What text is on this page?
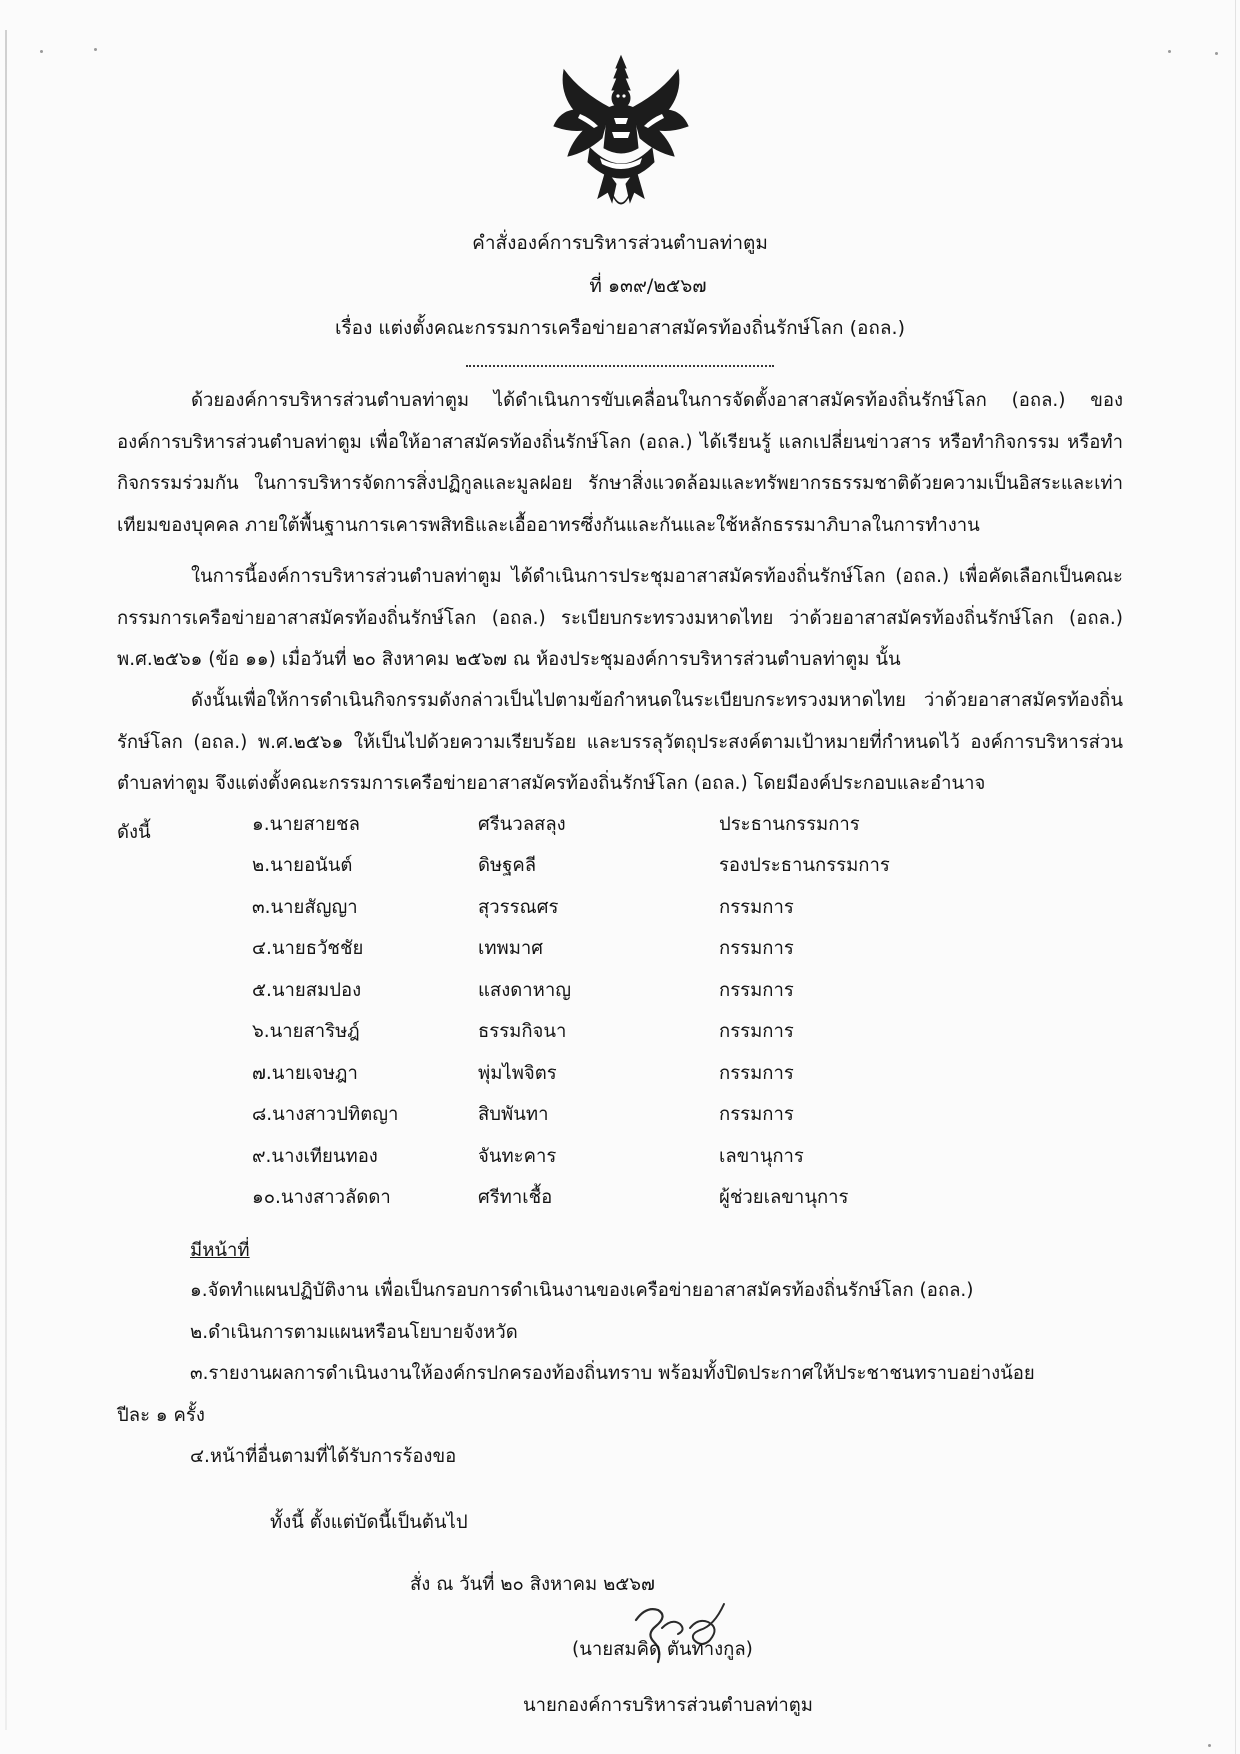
คำสั่งองค์การบริหารส่วนตำบลท่าตูม
ที่ ๑๓๙/๒๕๖๗
เรื่อง แต่งตั้งคณะกรรมการเครือข่ายอาสาสมัครท้องถิ่นรักษ์โลก (อถล.)

ด้วยองค์การบริหารส่วนตำบลท่าตูม ได้ดำเนินการขับเคลื่อนในการจัดตั้งอาสาสมัครท้องถิ่นรักษ์โลก (อถล.) ขององค์การบริหารส่วนตำบลท่าตูม เพื่อให้อาสาสมัครท้องถิ่นรักษ์โลก (อถล.) ได้เรียนรู้ แลกเปลี่ยนข่าวสาร หรือทำกิจกรรม หรือทำกิจกรรมร่วมกัน ในการบริหารจัดการสิ่งปฏิกูลและมูลฝอย รักษาสิ่งแวดล้อมและทรัพยากรธรรมชาติด้วยความเป็นอิสระและเท่าเทียมของบุคคล ภายใต้พื้นฐานการเคารพสิทธิและเอื้ออาทรซึ่งกันและกันและใช้หลักธรรมาภิบาลในการทำงาน

ในการนี้องค์การบริหารส่วนตำบลท่าตูม ได้ดำเนินการประชุมอาสาสมัครท้องถิ่นรักษ์โลก (อถล.) เพื่อคัดเลือกเป็นคณะกรรมการเครือข่ายอาสาสมัครท้องถิ่นรักษ์โลก (อถล.) ระเบียบกระทรวงมหาดไทย ว่าด้วยอาสาสมัครท้องถิ่นรักษ์โลก (อถล.) พ.ศ.๒๕๖๑ (ข้อ ๑๑) เมื่อวันที่ ๒๐ สิงหาคม ๒๕๖๗ ณ ห้องประชุมองค์การบริหารส่วนตำบลท่าตูม นั้น

ดังนั้นเพื่อให้การดำเนินกิจกรรมดังกล่าวเป็นไปตามข้อกำหนดในระเบียบกระทรวงมหาดไทย ว่าด้วยอาสาสมัครท้องถิ่นรักษ์โลก (อถล.) พ.ศ.๒๕๖๑ ให้เป็นไปด้วยความเรียบร้อย และบรรลุวัตถุประสงค์ตามเป้าหมายที่กำหนดไว้ องค์การบริหารส่วนตำบลท่าตูม จึงแต่งตั้งคณะกรรมการเครือข่ายอาสาสมัครท้องถิ่นรักษ์โลก (อถล.) โดยมีองค์ประกอบและอำนาจ

ดังนี้	๑.นายสายชล	ศรีนวลสลุง	ประธานกรรมการ
๒.นายอนันต์	ดิษฐคลี	รองประธานกรรมการ
๓.นายสัญญา	สุวรรณศร	กรรมการ
๔.นายธวัชชัย	เทพมาศ	กรรมการ
๕.นายสมปอง	แสงดาหาญ	กรรมการ
๖.นายสาริษฎ์	ธรรมกิจนา	กรรมการ
๗.นายเจษฎา	พุ่มไพจิตร	กรรมการ
๘.นางสาวปทิตญา	สิบพันทา	กรรมการ
๙.นางเทียนทอง	จันทะคาร	เลขานุการ
๑๐.นางสาวลัดดา	ศรีทาเชื้อ	ผู้ช่วยเลขานุการ
มีหน้าที่
๑.จัดทำแผนปฏิบัติงาน เพื่อเป็นกรอบการดำเนินงานของเครือข่ายอาสาสมัครท้องถิ่นรักษ์โลก (อถล.)
๒.ดำเนินการตามแผนหรือนโยบายจังหวัด
๓.รายงานผลการดำเนินงานให้องค์กรปกครองท้องถิ่นทราบ พร้อมทั้งปิดประกาศให้ประชาชนทราบอย่างน้อย
ปีละ ๑ ครั้ง
๔.หน้าที่อื่นตามที่ได้รับการร้องขอ
ทั้งนี้ ตั้งแต่บัดนี้เป็นต้นไป
สั่ง ณ วันที่ ๒๐ สิงหาคม ๒๕๖๗
(นายสมคิด ตันทางกูล)
นายกองค์การบริหารส่วนตำบลท่าตูม
